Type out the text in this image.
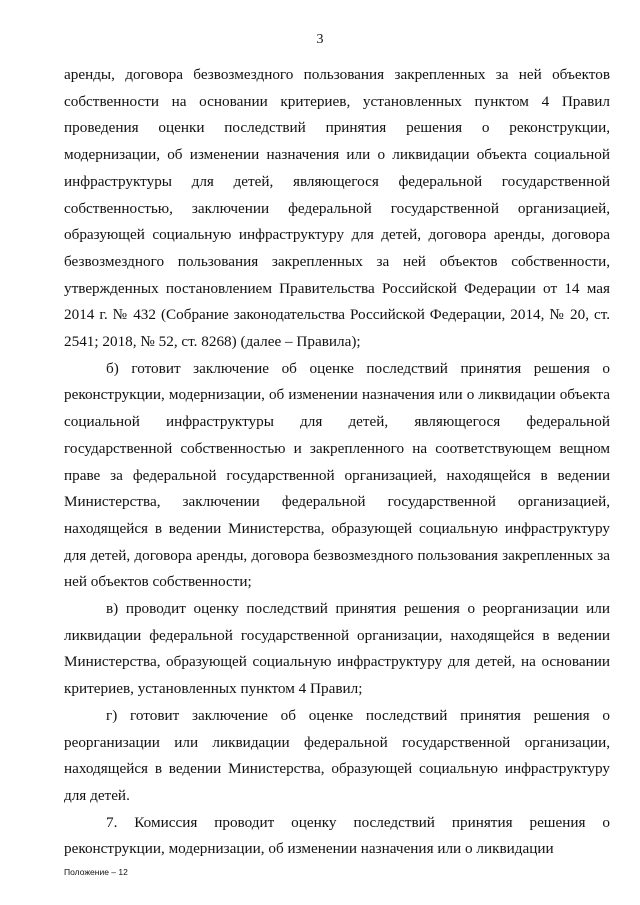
3

аренды, договора безвозмездного пользования закрепленных за ней объектов собственности на основании критериев, установленных пунктом 4 Правил проведения оценки последствий принятия решения о реконструкции, модернизации, об изменении назначения или о ликвидации объекта социальной инфраструктуры для детей, являющегося федеральной государственной собственностью, заключении федеральной государственной организацией, образующей социальную инфраструктуру для детей, договора аренды, договора безвозмездного пользования закрепленных за ней объектов собственности, утвержденных постановлением Правительства Российской Федерации от 14 мая 2014 г. № 432 (Собрание законодательства Российской Федерации, 2014, № 20, ст. 2541; 2018, № 52, ст. 8268) (далее – Правила);

б) готовит заключение об оценке последствий принятия решения о реконструкции, модернизации, об изменении назначения или о ликвидации объекта социальной инфраструктуры для детей, являющегося федеральной государственной собственностью и закрепленного на соответствующем вещном праве за федеральной государственной организацией, находящейся в ведении Министерства, заключении федеральной государственной организацией, находящейся в ведении Министерства, образующей социальную инфраструктуру для детей, договора аренды, договора безвозмездного пользования закрепленных за ней объектов собственности;

в) проводит оценку последствий принятия решения о реорганизации или ликвидации федеральной государственной организации, находящейся в ведении Министерства, образующей социальную инфраструктуру для детей, на основании критериев, установленных пунктом 4 Правил;

г) готовит заключение об оценке последствий принятия решения о реорганизации или ликвидации федеральной государственной организации, находящейся в ведении Министерства, образующей социальную инфраструктуру для детей.

7. Комиссия проводит оценку последствий принятия решения о реконструкции, модернизации, об изменении назначения или о ликвидации

Положение – 12
